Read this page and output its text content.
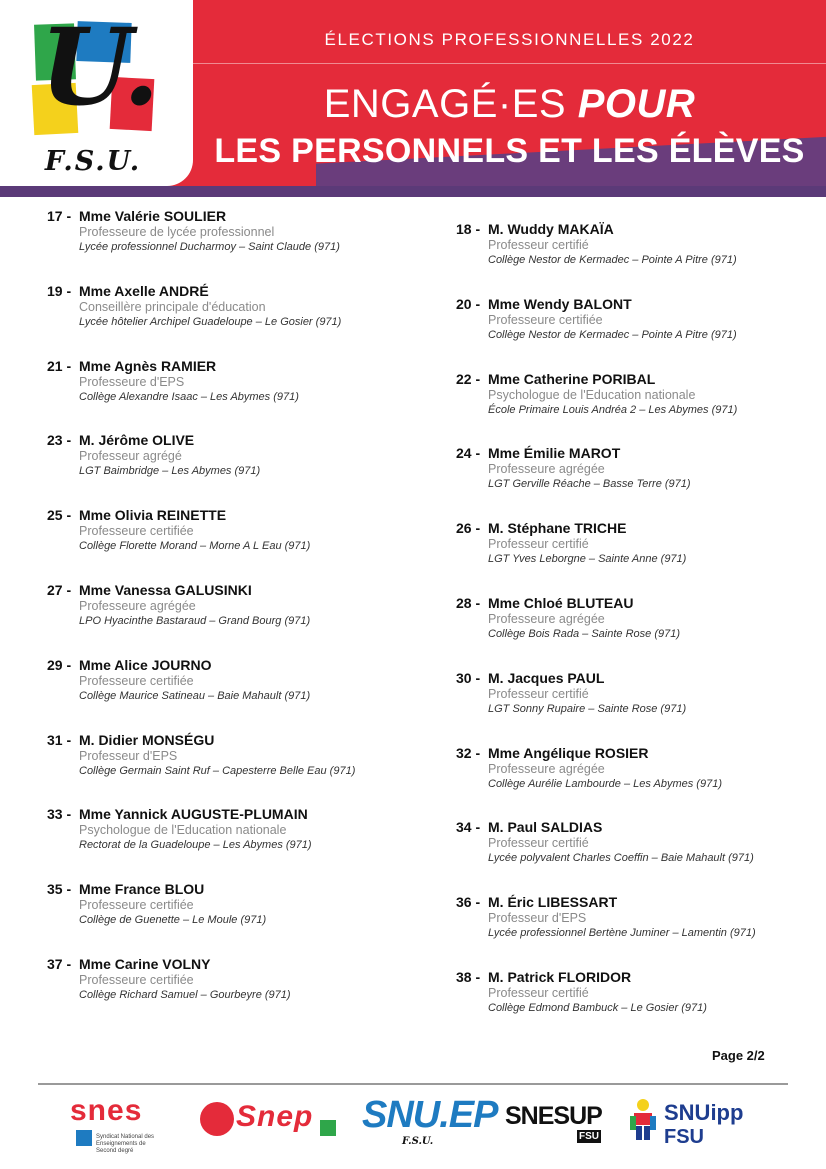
U.
F.S.U.
ÉLECTIONS PROFESSIONNELLES 2022
ENGAGÉ·ES POUR
LES PERSONNELS ET LES ÉLÈVES
17 - Mme Valérie SOULIER
Professeure de lycée professionnel
Lycée professionnel Ducharmoy – Saint Claude (971)
19 - Mme Axelle ANDRÉ
Conseillère principale d'éducation
Lycée hôtelier Archipel Guadeloupe – Le Gosier (971)
21 - Mme Agnès RAMIER
Professeure d'EPS
Collège Alexandre Isaac – Les Abymes (971)
23 - M. Jérôme OLIVE
Professeur agrégé
LGT Baimbridge – Les Abymes (971)
25 - Mme Olivia REINETTE
Professeure certifiée
Collège Florette Morand – Morne A L Eau (971)
27 - Mme Vanessa GALUSINKI
Professeure agrégée
LPO Hyacinthe Bastaraud – Grand Bourg (971)
29 - Mme Alice JOURNO
Professeure certifiée
Collège Maurice Satineau – Baie Mahault (971)
31 - M. Didier MONSÉGU
Professeur d'EPS
Collège Germain Saint Ruf – Capesterre Belle Eau (971)
33 - Mme Yannick AUGUSTE-PLUMAIN
Psychologue de l'Education nationale
Rectorat de la Guadeloupe – Les Abymes (971)
35 - Mme France BLOU
Professeure certifiée
Collège de Guenette – Le Moule (971)
37 - Mme Carine VOLNY
Professeure certifiée
Collège Richard Samuel – Gourbeyre (971)
18 - M. Wuddy MAKAÏA
Professeur certifié
Collège Nestor de Kermadec – Pointe A Pitre (971)
20 - Mme Wendy BALONT
Professeure certifiée
Collège Nestor de Kermadec – Pointe A Pitre (971)
22 - Mme Catherine PORIBAL
Psychologue de l'Education nationale
École Primaire Louis Andréa 2 – Les Abymes (971)
24 - Mme Émilie MAROT
Professeure agrégée
LGT Gerville Réache – Basse Terre (971)
26 - M. Stéphane TRICHE
Professeur certifié
LGT Yves Leborgne – Sainte Anne (971)
28 - Mme Chloé BLUTEAU
Professeure agrégée
Collège Bois Rada – Sainte Rose (971)
30 - M. Jacques PAUL
Professeur certifié
LGT Sonny Rupaire – Sainte Rose (971)
32 - Mme Angélique ROSIER
Professeure agrégée
Collège Aurélie Lambourde – Les Abymes (971)
34 - M. Paul SALDIAS
Professeur certifié
Lycée polyvalent Charles Coeffin – Baie Mahault (971)
36 - M. Éric LIBESSART
Professeur d'EPS
Lycée professionnel Bertène Juminer – Lamentin (971)
38 - M. Patrick FLORIDOR
Professeur certifié
Collège Edmond Bambuck – Le Gosier (971)
Page 2/2
snes
Syndicat National des Enseignements de Second degré
Snep SNU.EP
F.S.U.
SNESUP
FSU
SNUipp
FSU
